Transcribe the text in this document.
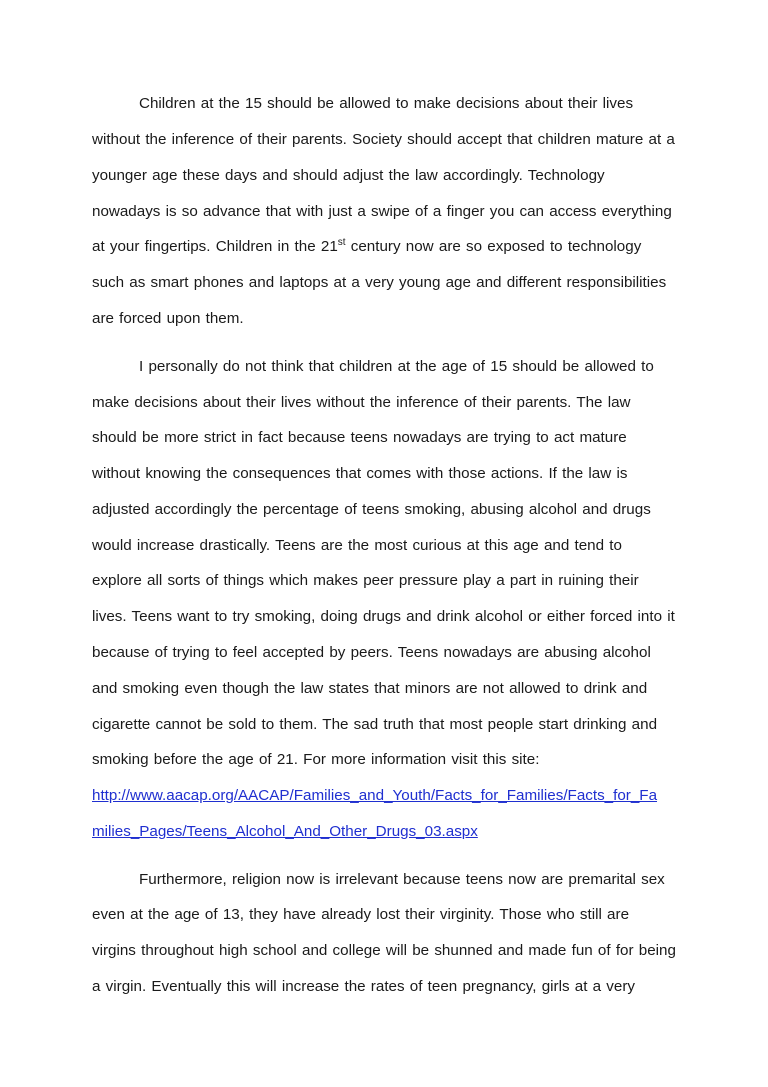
Children at the 15 should be allowed to make decisions about their lives
without the inference of their parents. Society should accept that children mature at a
younger age these days and should adjust the law accordingly. Technology
nowadays is so advance that with just a swipe of a finger you can access everything
at your fingertips. Children in the 21st century now are so exposed to technology
such as smart phones and laptops at a very young age and different responsibilities
are forced upon them.
I personally do not think that children at the age of 15 should be allowed to
make decisions about their lives without the inference of their parents. The law
should be more strict in fact because teens nowadays are trying to act mature
without knowing the consequences that comes with those actions. If the law is
adjusted accordingly the percentage of teens smoking, abusing alcohol and drugs
would increase drastically. Teens are the most curious at this age and tend to
explore all sorts of things which makes peer pressure play a part in ruining their
lives. Teens want to try smoking, doing drugs and drink alcohol or either forced into it
because of trying to feel accepted by peers. Teens nowadays are abusing alcohol
and smoking even though the law states that minors are not allowed to drink and
cigarette cannot be sold to them. The sad truth that most people start drinking and
smoking before the age of 21. For more information visit this site:
http://www.aacap.org/AACAP/Families_and_Youth/Facts_for_Families/Facts_for_Fa
milies_Pages/Teens_Alcohol_And_Other_Drugs_03.aspx
Furthermore, religion now is irrelevant because teens now are premarital sex
even at the age of 13, they have already lost their virginity. Those who still are
virgins throughout high school and college will be shunned and made fun of for being
a virgin. Eventually this will increase the rates of teen pregnancy, girls at a very
